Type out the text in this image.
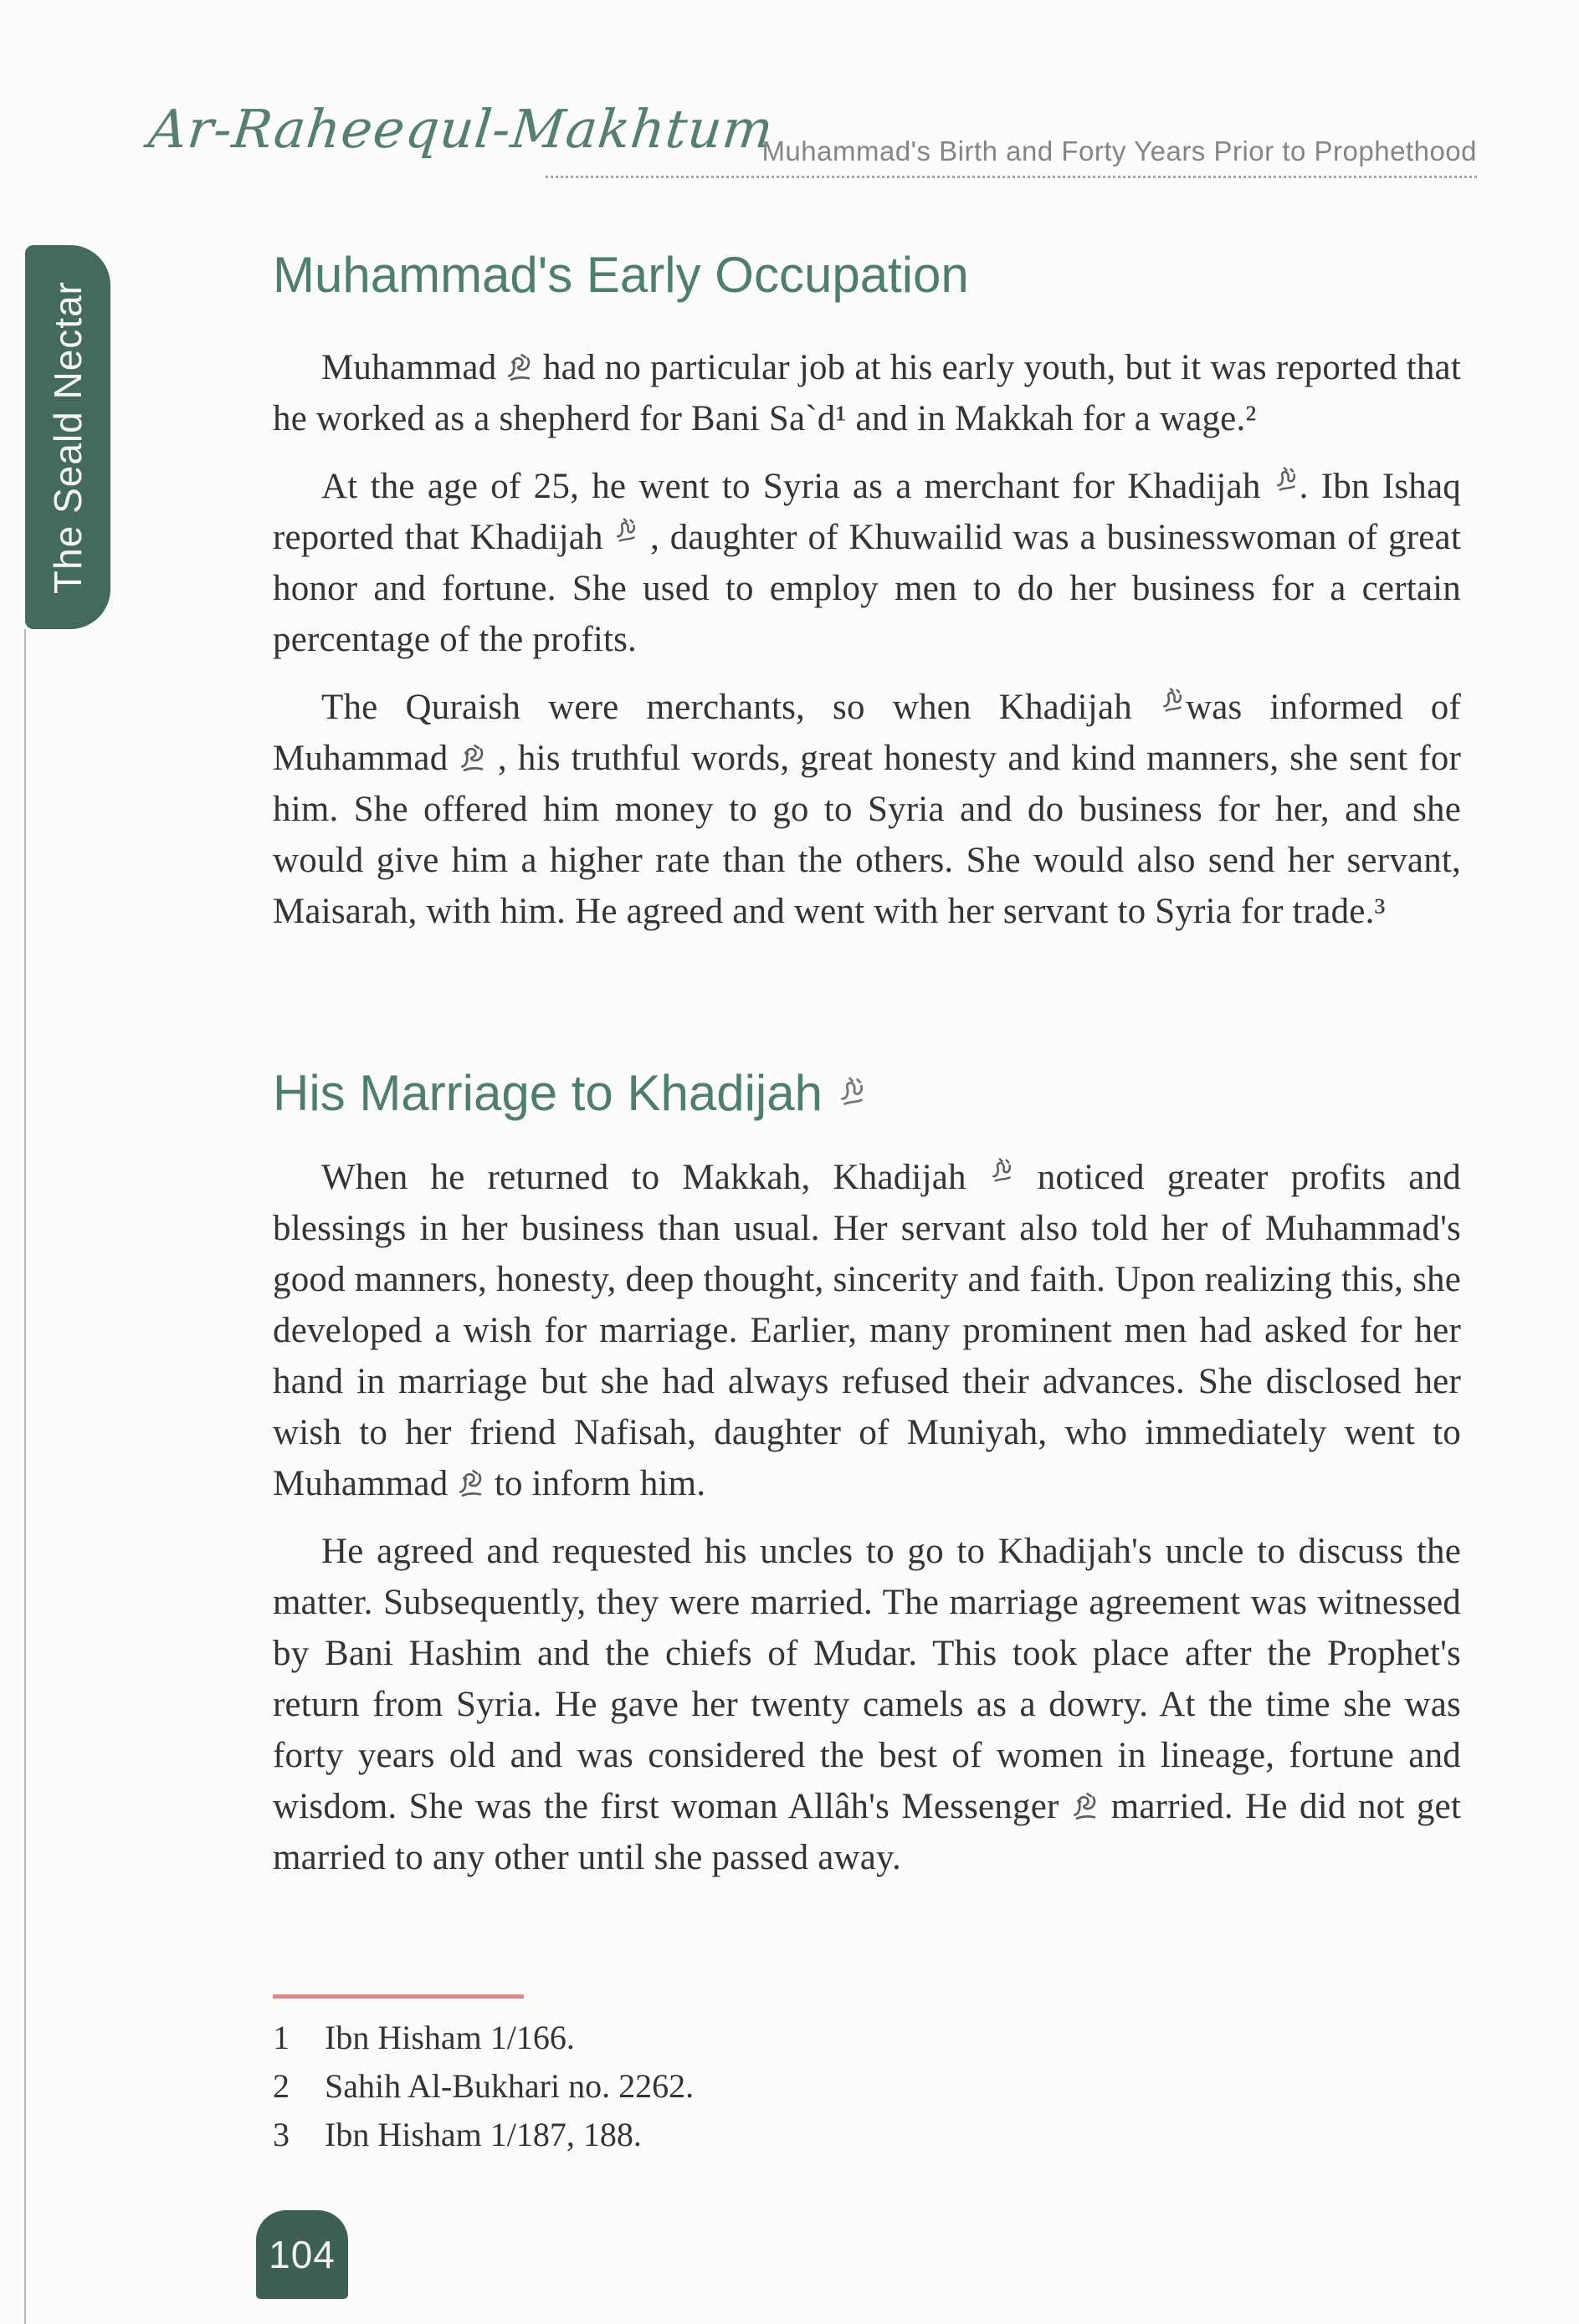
Ar-Raheequl-Makhtum
Muhammad's Birth and Forty Years Prior to Prophethood
The Seald Nectar
Muhammad's Early Occupation

Muhammad
had no particular job at his early youth, but it was reported that he worked as a shepherd for Bani Sa`d¹ and in Makkah for a wage.²

At the age of 25, he went to Syria as a merchant for Khadijah
. Ibn Ishaq reported that Khadijah
, daughter of Khuwailid was a businesswoman of great honor and fortune. She used to employ men to do her business for a certain percentage of the profits.

The Quraish were merchants, so when Khadijah
was informed of Muhammad
, his truthful words, great honesty and kind manners, she sent for him. She offered him money to go to Syria and do business for her, and she would give him a higher rate than the others. She would also send her servant, Maisarah, with him. He agreed and went with her servant to Syria for trade.³

His Marriage to Khadijah

When he returned to Makkah, Khadijah
noticed greater profits and blessings in her business than usual. Her servant also told her of Muhammad's good manners, honesty, deep thought, sincerity and faith. Upon realizing this, she developed a wish for marriage. Earlier, many prominent men had asked for her hand in marriage but she had always refused their advances. She disclosed her wish to her friend Nafisah, daughter of Muniyah, who immediately went to Muhammad
to inform him.

He agreed and requested his uncles to go to Khadijah's uncle to discuss the matter. Subsequently, they were married. The marriage agreement was witnessed by Bani Hashim and the chiefs of Mudar. This took place after the Prophet's return from Syria. He gave her twenty camels as a dowry. At the time she was forty years old and was considered the best of women in lineage, fortune and wisdom. She was the first woman Allâh's Messenger
married. He did not get married to any other until she passed away.

1	Ibn Hisham 1/166.
2	Sahih Al-Bukhari no. 2262.
3	Ibn Hisham 1/187, 188.
104
